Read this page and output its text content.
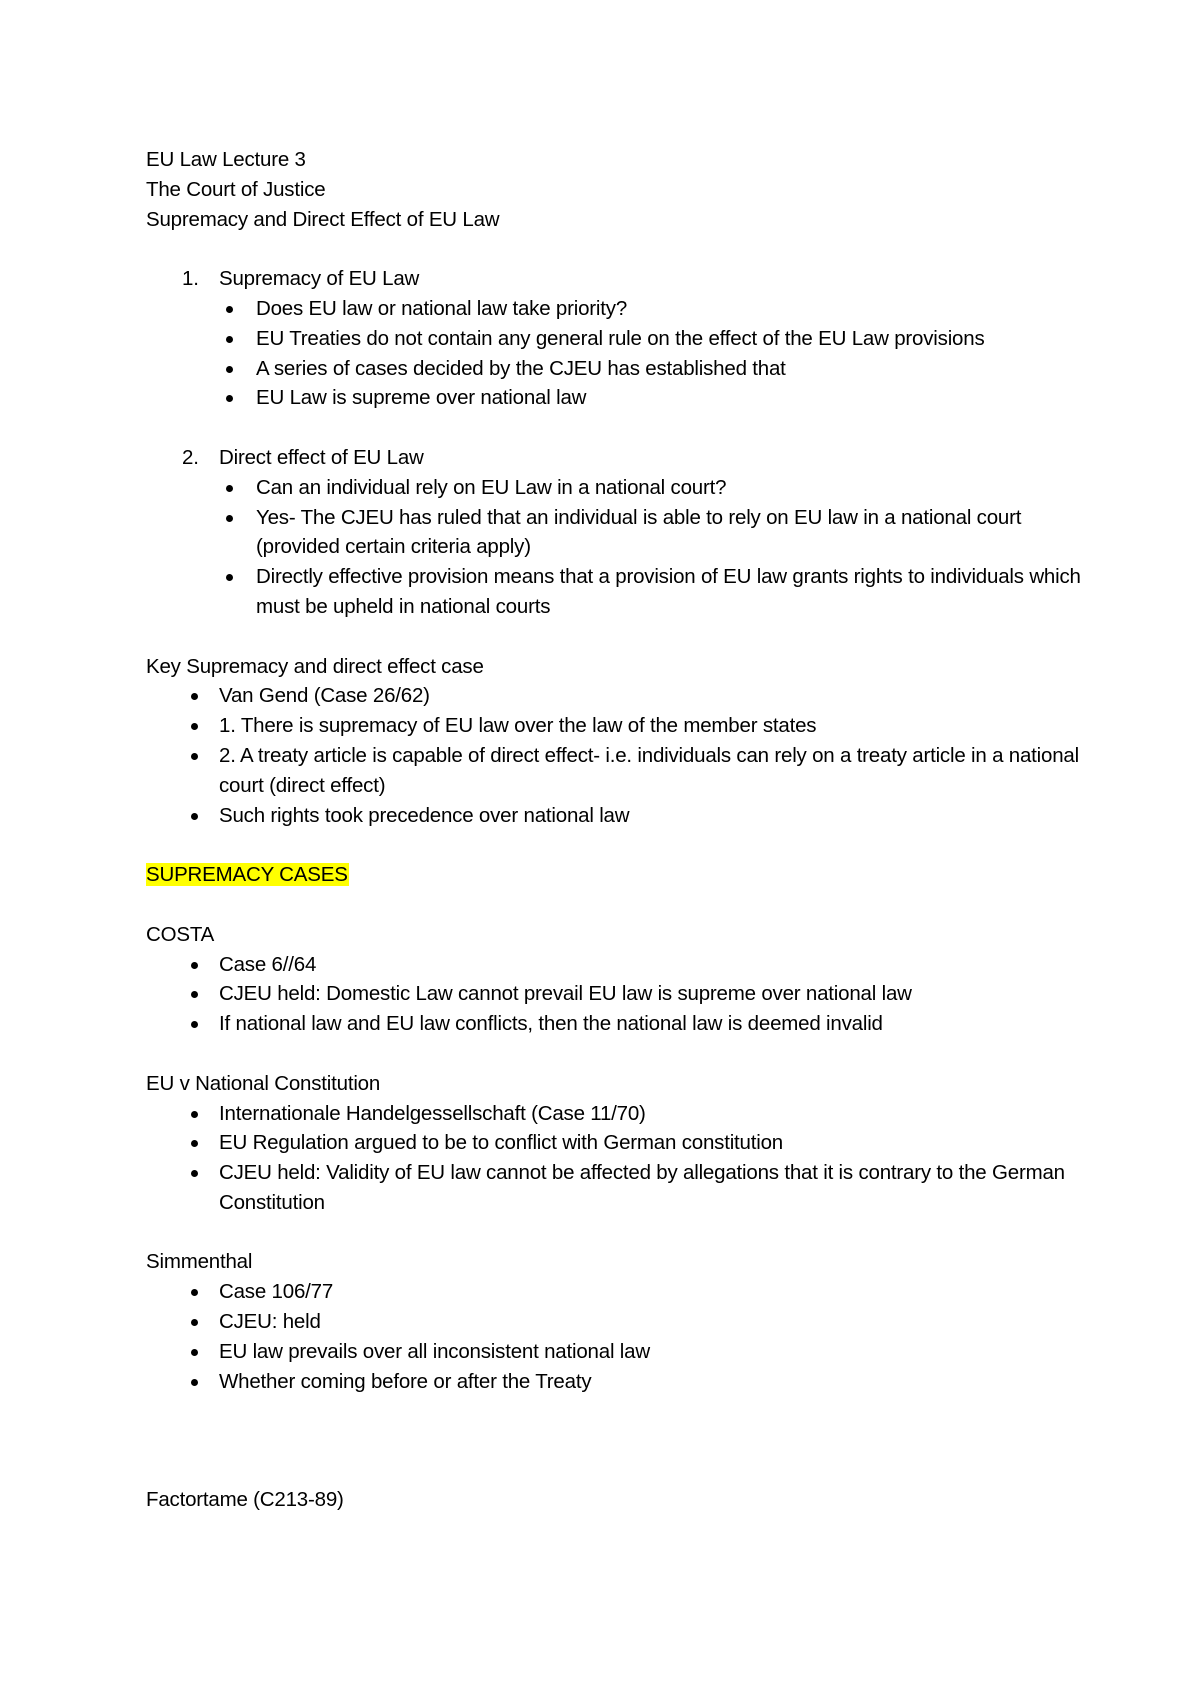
EU Law Lecture 3

The Court of Justice

Supremacy and Direct Effect of EU Law

1. Supremacy of EU Law
Does EU law or national law take priority?
EU Treaties do not contain any general rule on the effect of the EU Law provisions
A series of cases decided by the CJEU has established that
EU Law is supreme over national law
2. Direct effect of EU Law
Can an individual rely on EU Law in a national court?
Yes- The CJEU has ruled that an individual is able to rely on EU law in a national court (provided certain criteria apply)
Directly effective provision means that a provision of EU law grants rights to individuals which must be upheld in national courts

Key Supremacy and direct effect case

Van Gend (Case 26/62)
1. There is supremacy of EU law over the law of the member states
2. A treaty article is capable of direct effect- i.e. individuals can rely on a treaty article in a national court (direct effect)
Such rights took precedence over national law

SUPREMACY CASES

COSTA

Case 6//64
CJEU held: Domestic Law cannot prevail EU law is supreme over national law
If national law and EU law conflicts, then the national law is deemed invalid

EU v National Constitution

Internationale Handelgessellschaft (Case 11/70)
EU Regulation argued to be to conflict with German constitution
CJEU held: Validity of EU law cannot be affected by allegations that it is contrary to the German Constitution

Simmenthal

Case 106/77
CJEU: held
EU law prevails over all inconsistent national law
Whether coming before or after the Treaty

Factortame (C213-89)
